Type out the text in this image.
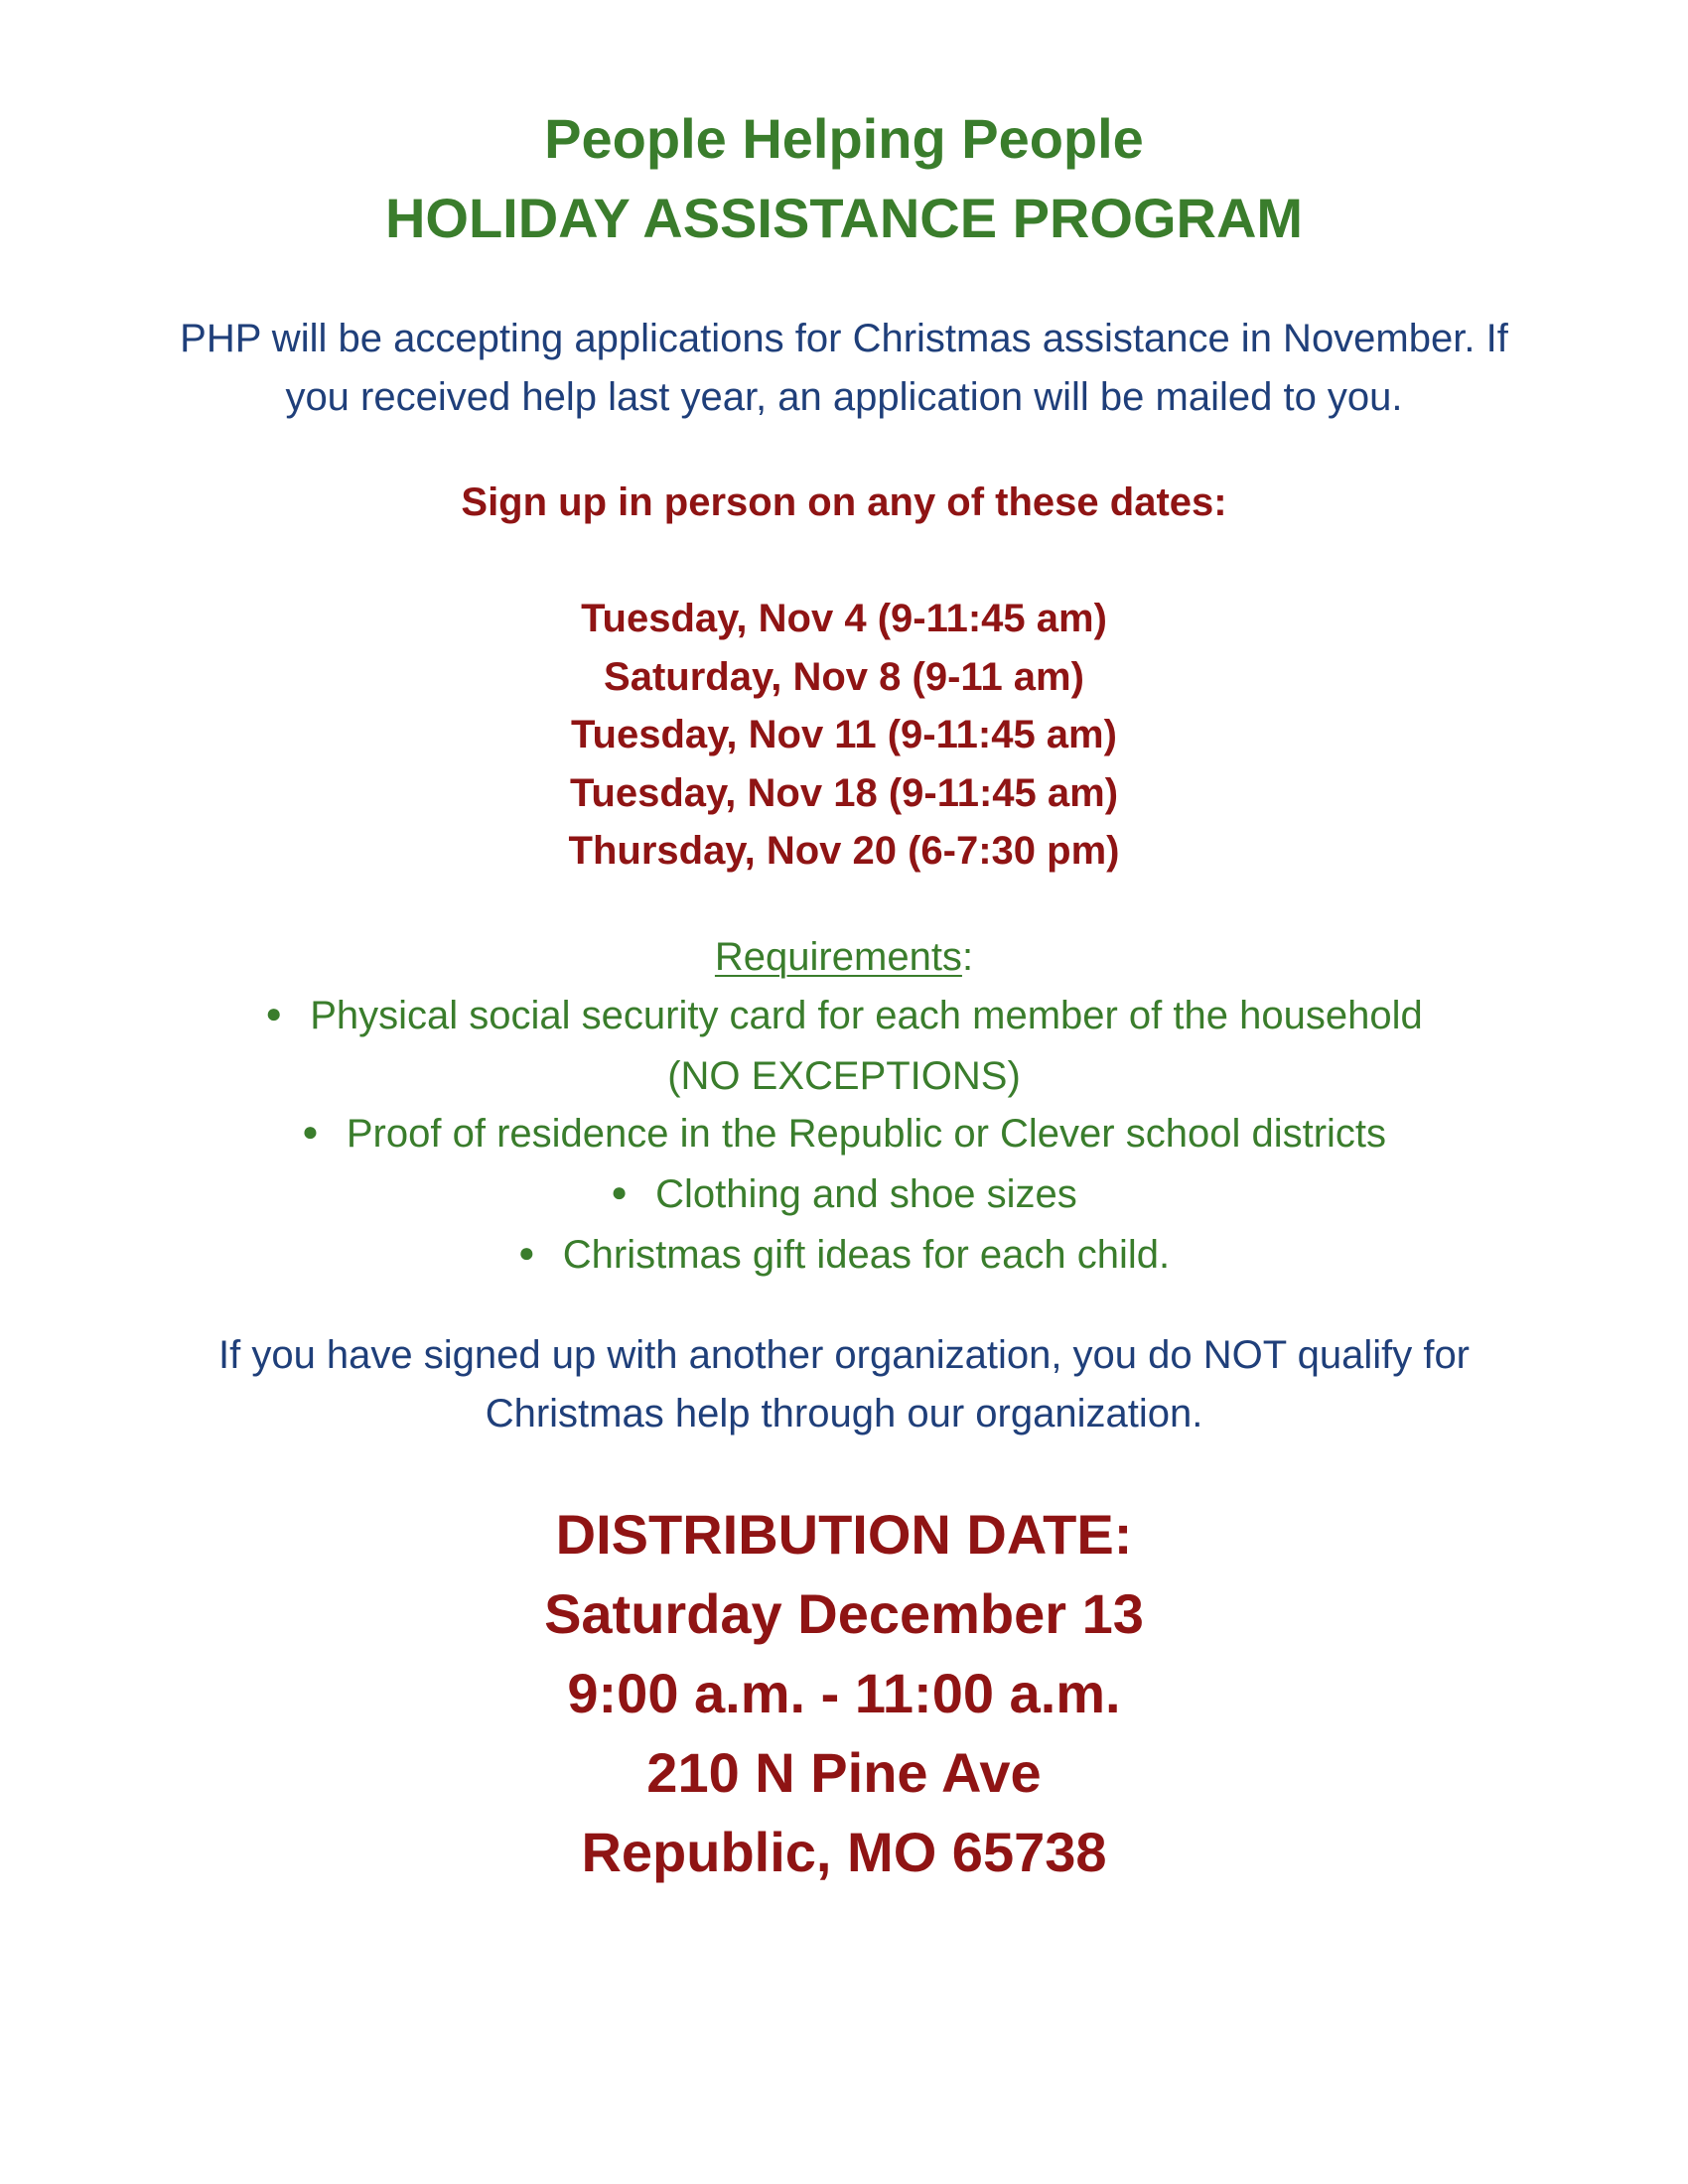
People Helping People
HOLIDAY ASSISTANCE PROGRAM
PHP will be accepting applications for Christmas assistance in November. If
you received help last year, an application will be mailed to you.
Sign up in person on any of these dates:
Tuesday, Nov 4 (9-11:45 am)
Saturday, Nov 8 (9-11 am)
Tuesday, Nov 11 (9-11:45 am)
Tuesday, Nov 18 (9-11:45 am)
Thursday, Nov 20 (6-7:30 pm)
Requirements:
● Physical social security card for each member of the household
(NO EXCEPTIONS)
● Proof of residence in the Republic or Clever school districts
● Clothing and shoe sizes
● Christmas gift ideas for each child.
If you have signed up with another organization, you do NOT qualify for
Christmas help through our organization.
DISTRIBUTION DATE:
Saturday December 13
9:00 a.m. - 11:00 a.m.
210 N Pine Ave
Republic, MO 65738
